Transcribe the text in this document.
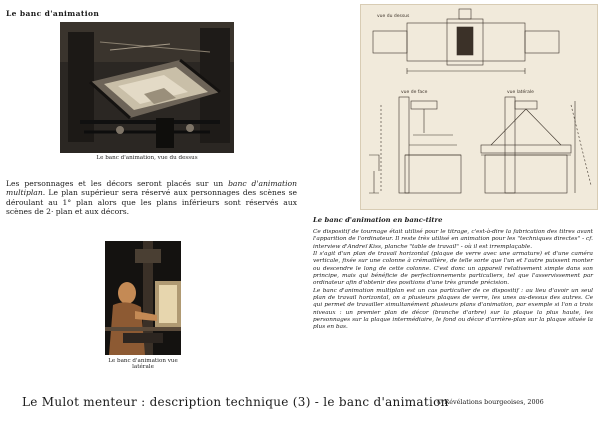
Le banc d'animation
Le banc d'animation, vue du dessus
Les personnages et les décors seront placés sur un banc d'animation multiplan. Le plan supérieur sera réservé aux personnages des scènes se déroulant au 1° plan alors que les plans inférieurs sont réservés aux scènes de 2· plan et aux décors.
Le banc d'animation vue latérale
vue du dessus
vue de face	vue latérale
Le banc d'animation en banc-titre

Ce dispositif de tournage était utilisé pour le titrage, c'est-à-dire la fabrication des titres avant l'apparition de l'ordinateur. Il reste très utilisé en animation pour les "techniques directes" - cf. interview d'Andreï Kiss, planche "table de travail" - où il est irremplaçable.

Il s'agit d'un plan de travail horizontal (plaque de verre avec une armature) et d'une caméra verticale, fixée sur une colonne à crémaillère, de telle sorte que l'un et l'autre puissent monter ou descendre le long de cette colonne. C'est donc un appareil relativement simple dans son principe, mais qui bénéficie de perfectionnements particuliers, tel que l'asservissement par ordinateur afin d'obtenir des positions d'une très grande précision.

Le banc d'animation multiplan est un cas particulier de ce dispositif : au lieu d'avoir un seul plan de travail horizontal, on a plusieurs plaques de verre, les unes au-dessus des autres. Ce qui permet de travailler simultanément plusieurs plans d'animation, par exemple si l'on a trois niveaux : un premier plan de décor (branche d'arbre) sur la plaque la plus haute, les personnages sur la plaque intermédiaire, le fond ou décor d'arrière-plan sur la plaque située la plus en bas.

Le Mulot menteur : description technique (3) - le banc d'animation
© Révélations bourgeoises, 2006
